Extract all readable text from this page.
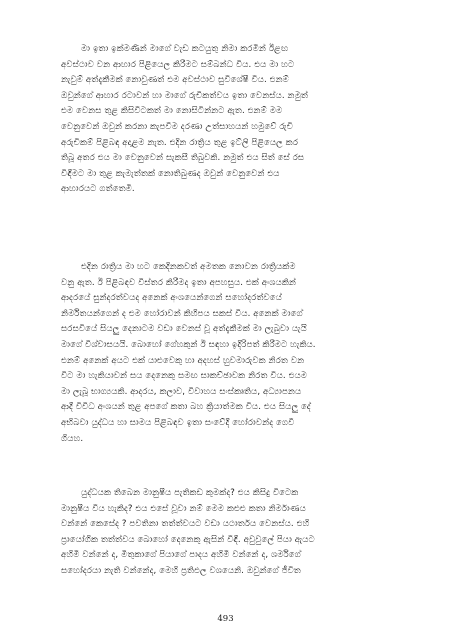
මා ඉතා ඉක්මණින් මාගේ වැඩ කටයුතු නිමා කරමින් ඊළඟ
අවස්ථාව වන ආහාර පිළියෙල කිරීමට සම්බන්ධ විය. එය මා හට
නැවුම් අත්දැකීමක් නොවුණත් එම අවස්ථාව සුවිශේෂී විය. එනම්
ඔවුන්ගේ ආහාර රටාවන් හා මාගේ රුචිකත්වය ඉතා වෙනස්ය. නමුත්
එම වෙනස තුළ කිසිවිටකත් මා නොසිටින්නට ඇත. එනම් මම
වෙනුවෙන් ඔවුන් කරනා කැපවීම දරණා උත්සාහයන් හමුවේ රුචි
අරුචිකම් පිළිබඳ අදාළම නැත. එදින රාත්‍රිය තුළ ඉට්ලි පිළියෙල කර
තිබූ අතර එය මා වෙනුවෙන් සැකසී තිබුවකි. නමුත් එය සිත් සේ රස
විඳීමට මා තුළ කැමැත්තක් නොතිබුණද ඔවුන් වෙනුවෙන් එය
ආහාරයට ගත්තෙමි.
එදින රාත්‍රිය මා හට කෙදිනකවත් අමතක නොවන රාත්‍රියක්ම
වනු ඇත. ඊ පිළිබඳව විස්තර කිරීමද ඉතා අපහසුය. එක් අංශයකින්
ආදරයේ සුන්දරත්වයද අනෙක් අංශයෙන්ගෙන් සහෝදරත්වයේ
නිර්මිතයන්ගෙන් ද එම හෝරාවන් කිහිපය සකස් විය. අනෙක් මාගේ
සරසවියේ සියලු දෙනාටම වඩා වෙනස් වූ අත්දැකීමක් මා ලැබුවා යැයි
මාගේ විශ්වාසයයි. බොහෝ ගේහකුන් ඊ සඳහා ඉදිරිපත් කිරීමට හැකිය.
එනම් අනෙක් අයට එක් යාළුවෙකු හා අදහස් හුවමාරුවක නිරත වන
විට මා හැකියාවන් සය දෙනෙකු සමඟ සාකච්ඡාවක නිරත විය. එයම
මා ලැබූ භාග්‍යයකි. ආදරය, කලාව, විවාහය සංස්කෘතිය, අධ්‍යාපනය
ආදී විවිධ අංශයන් තුළ අපගේ කතා බහ ක්‍රියාත්මක විය. එය සියලු දේ
අභිබවා යුද්ධය හා සාමය පිළිබඳව ඉතා සංවේදී හෝරාවන්ද ගෙවී
ගියහ.
යුද්ධයක තිබෙන මානුෂීය පැතිකඩ කුමක්ද? එය කිසිදු විටෙක
මානුෂීය විය හැකිද? එය එසේ වූවා නම් මෙම කළුළු කතා නිර්මාණය
වන්නේ කෙසේද ? පවතිනා තත්ත්වයට වඩා යථාර්තය වෙනස්ය. එහි
ප්‍රායෝගික තත්ත්වය බොහෝ දෙනෙකු ඇසින් විඳී. අවුවුලේ පියා ඇයට
අහිමි වන්නේ ද, මිතුකාගේ පියාගේ පාදය අහිමි වන්නේ ද, ශර්මිගේ
සහෝදරයා නැති වන්නේද, මෙහි ප්‍රතිඵල වශයෙනි. ඔවුන්ගේ ජීවිත
493
